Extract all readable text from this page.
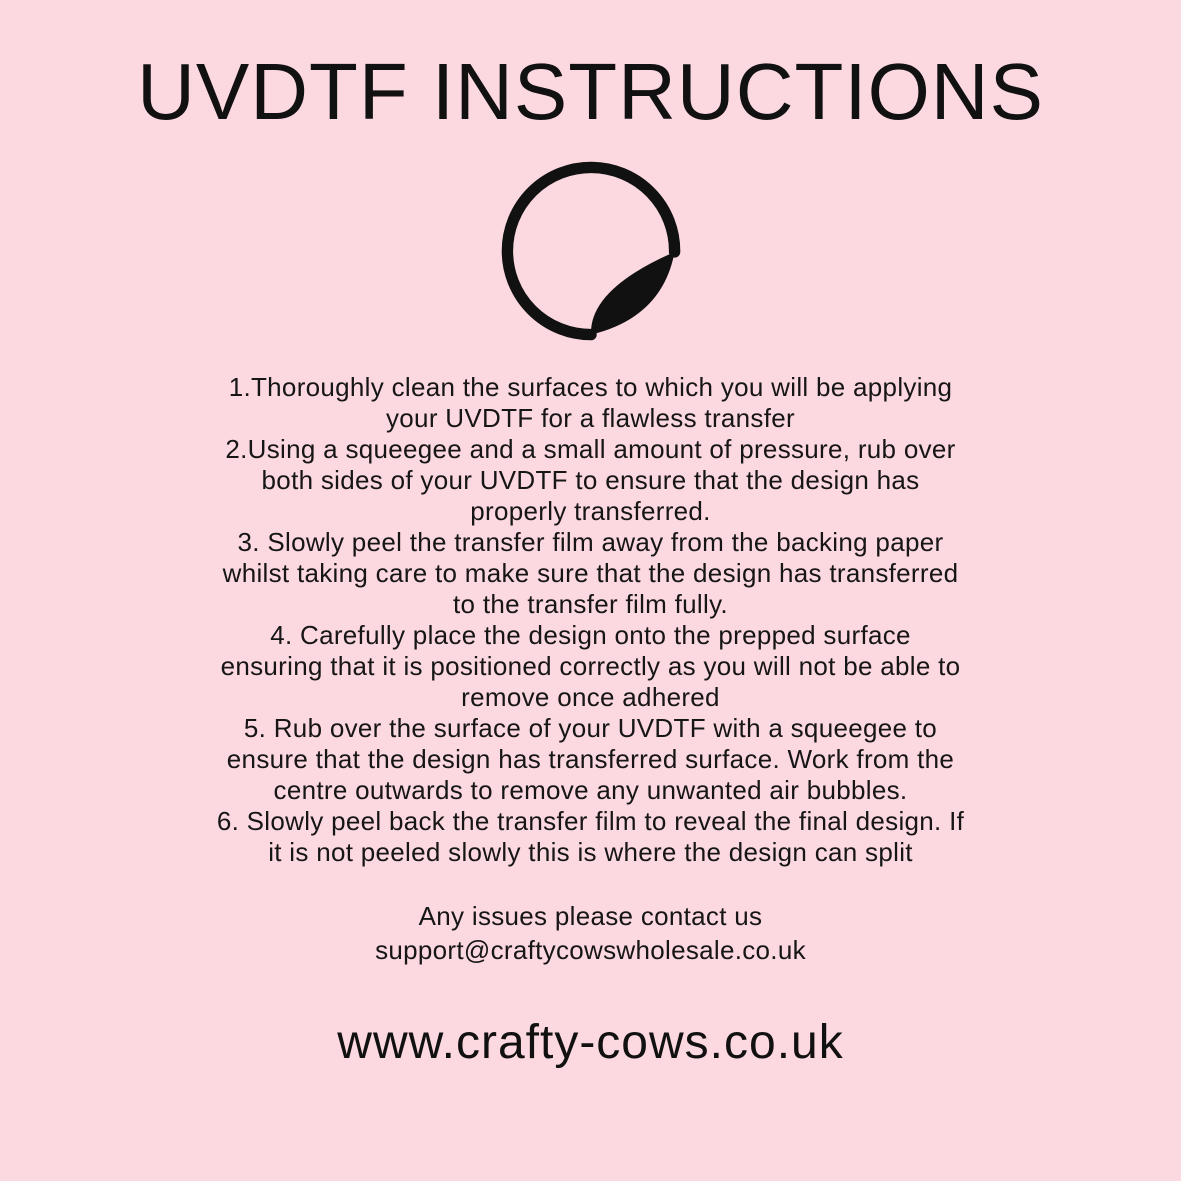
UVDTF INSTRUCTIONS
1.Thoroughly clean the surfaces to which you will be applying
your UVDTF for a flawless transfer
2.Using a squeegee and a small amount of pressure, rub over
both sides of your UVDTF to ensure that the design has
properly transferred.
3. Slowly peel the transfer film away from the backing paper
whilst taking care to make sure that the design has transferred
to the transfer film fully.
4. Carefully place the design onto the prepped surface
ensuring that it is positioned correctly as you will not be able to
remove once adhered
5. Rub over the surface of your UVDTF with a squeegee to
ensure that the design has transferred surface. Work from the
centre outwards to remove any unwanted air bubbles.
6. Slowly peel back the transfer film to reveal the final design. If
it is not peeled slowly this is where the design can split
Any issues please contact us
support@craftycowswholesale.co.uk
www.crafty-cows.co.uk
